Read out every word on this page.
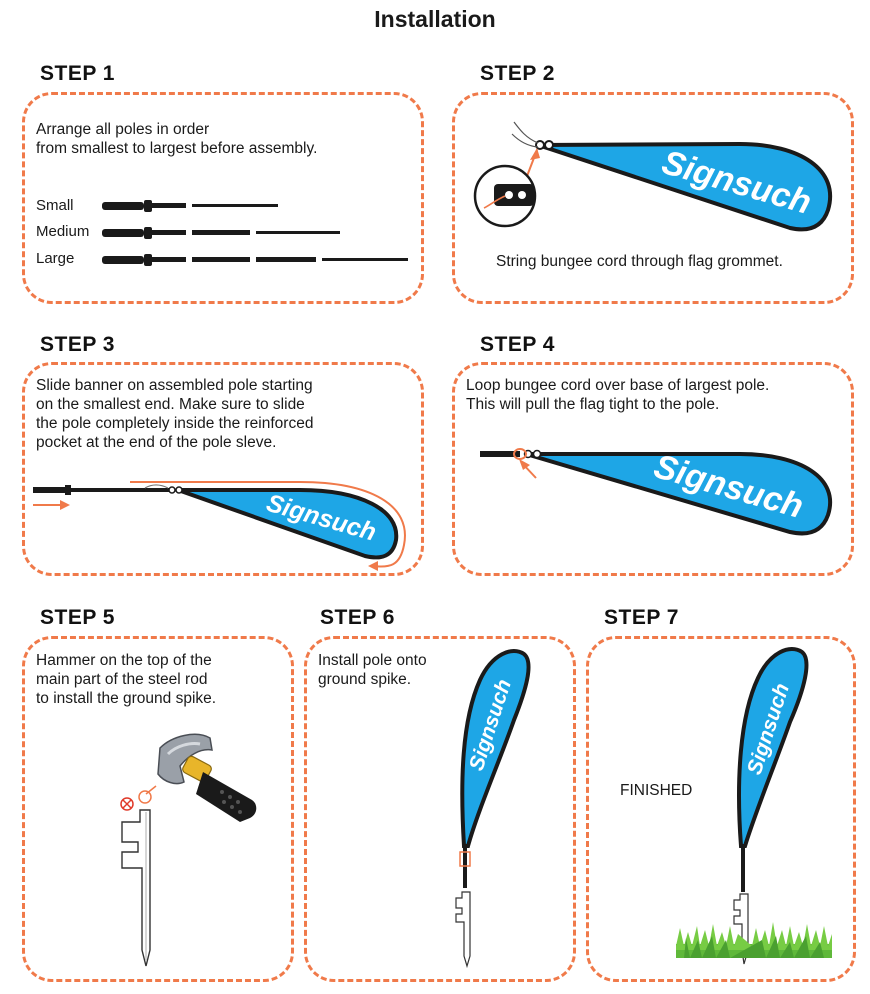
Installation
STEP 1
Arrange all poles in order
from smallest to largest before assembly.
Small
Medium
Large
STEP 2
Signsuch
String bungee cord through flag grommet.
STEP 3
Slide banner on assembled pole starting
on the smallest end. Make sure to slide
the pole completely inside the reinforced
pocket at the end of the pole sleve.
Signsuch
STEP 4
Loop bungee cord over base of largest pole.
This will pull the flag tight to the pole.
Signsuch
STEP 5
Hammer on the top of the
main part of the steel rod
to install the ground spike.
STEP 6
Install pole onto
ground spike.	Signsuch
STEP 7
FINISHED
Signsuch
